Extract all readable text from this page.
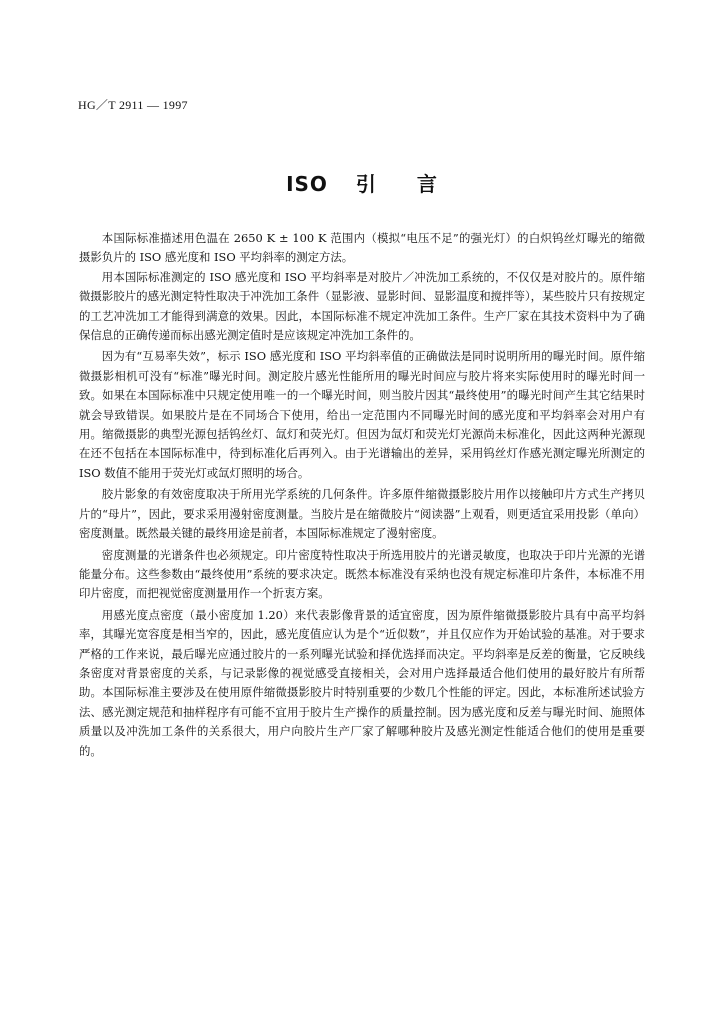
HG／T 2911 — 1997
ISO 引 言

本国际标准描述用色温在 2650 K ± 100 K 范围内（模拟“电压不足”的强光灯）的白炽钨丝灯曝光的缩微摄影负片的 ISO 感光度和 ISO 平均斜率的测定方法。

用本国际标准测定的 ISO 感光度和 ISO 平均斜率是对胶片／冲洗加工系统的，不仅仅是对胶片的。原件缩微摄影胶片的感光测定特性取决于冲洗加工条件（显影液、显影时间、显影温度和搅拌等），某些胶片只有按规定的工艺冲洗加工才能得到满意的效果。因此，本国际标准不规定冲洗加工条件。生产厂家在其技术资料中为了确保信息的正确传递而标出感光测定值时是应该规定冲洗加工条件的。

因为有“互易率失效”，标示 ISO 感光度和 ISO 平均斜率值的正确做法是同时说明所用的曝光时间。原件缩微摄影相机可没有“标准”曝光时间。测定胶片感光性能所用的曝光时间应与胶片将来实际使用时的曝光时间一致。如果在本国际标准中只规定使用唯一的一个曝光时间，则当胶片因其“最终使用”的曝光时间产生其它结果时就会导致错误。如果胶片是在不同场合下使用，给出一定范围内不同曝光时间的感光度和平均斜率会对用户有用。缩微摄影的典型光源包括钨丝灯、氙灯和荧光灯。但因为氙灯和荧光灯光源尚未标准化，因此这两种光源现在还不包括在本国际标准中，待到标准化后再列入。由于光谱输出的差异，采用钨丝灯作感光测定曝光所测定的 ISO 数值不能用于荧光灯或氙灯照明的场合。

胶片影象的有效密度取决于所用光学系统的几何条件。许多原件缩微摄影胶片用作以接触印片方式生产拷贝片的“母片”，因此，要求采用漫射密度测量。当胶片是在缩微胶片“阅读器”上观看，则更适宜采用投影（单向）密度测量。既然最关键的最终用途是前者，本国际标准规定了漫射密度。

密度测量的光谱条件也必须规定。印片密度特性取决于所选用胶片的光谱灵敏度，也取决于印片光源的光谱能量分布。这些参数由“最终使用”系统的要求决定。既然本标准没有采纳也没有规定标准印片条件，本标准不用印片密度，而把视觉密度测量用作一个折衷方案。

用感光度点密度（最小密度加 1.20）来代表影像背景的适宜密度，因为原件缩微摄影胶片具有中高平均斜率，其曝光宽容度是相当窄的，因此，感光度值应认为是个“近似数”，并且仅应作为开始试验的基准。对于要求严格的工作来说，最后曝光应通过胶片的一系列曝光试验和择优选择而决定。平均斜率是反差的衡量，它反映线条密度对背景密度的关系，与记录影像的视觉感受直接相关，会对用户选择最适合他们使用的最好胶片有所帮助。本国际标准主要涉及在使用原件缩微摄影胶片时特别重要的少数几个性能的评定。因此，本标准所述试验方法、感光测定规范和抽样程序有可能不宜用于胶片生产操作的质量控制。因为感光度和反差与曝光时间、施照体质量以及冲洗加工条件的关系很大，用户向胶片生产厂家了解哪种胶片及感光测定性能适合他们的使用是重要的。
